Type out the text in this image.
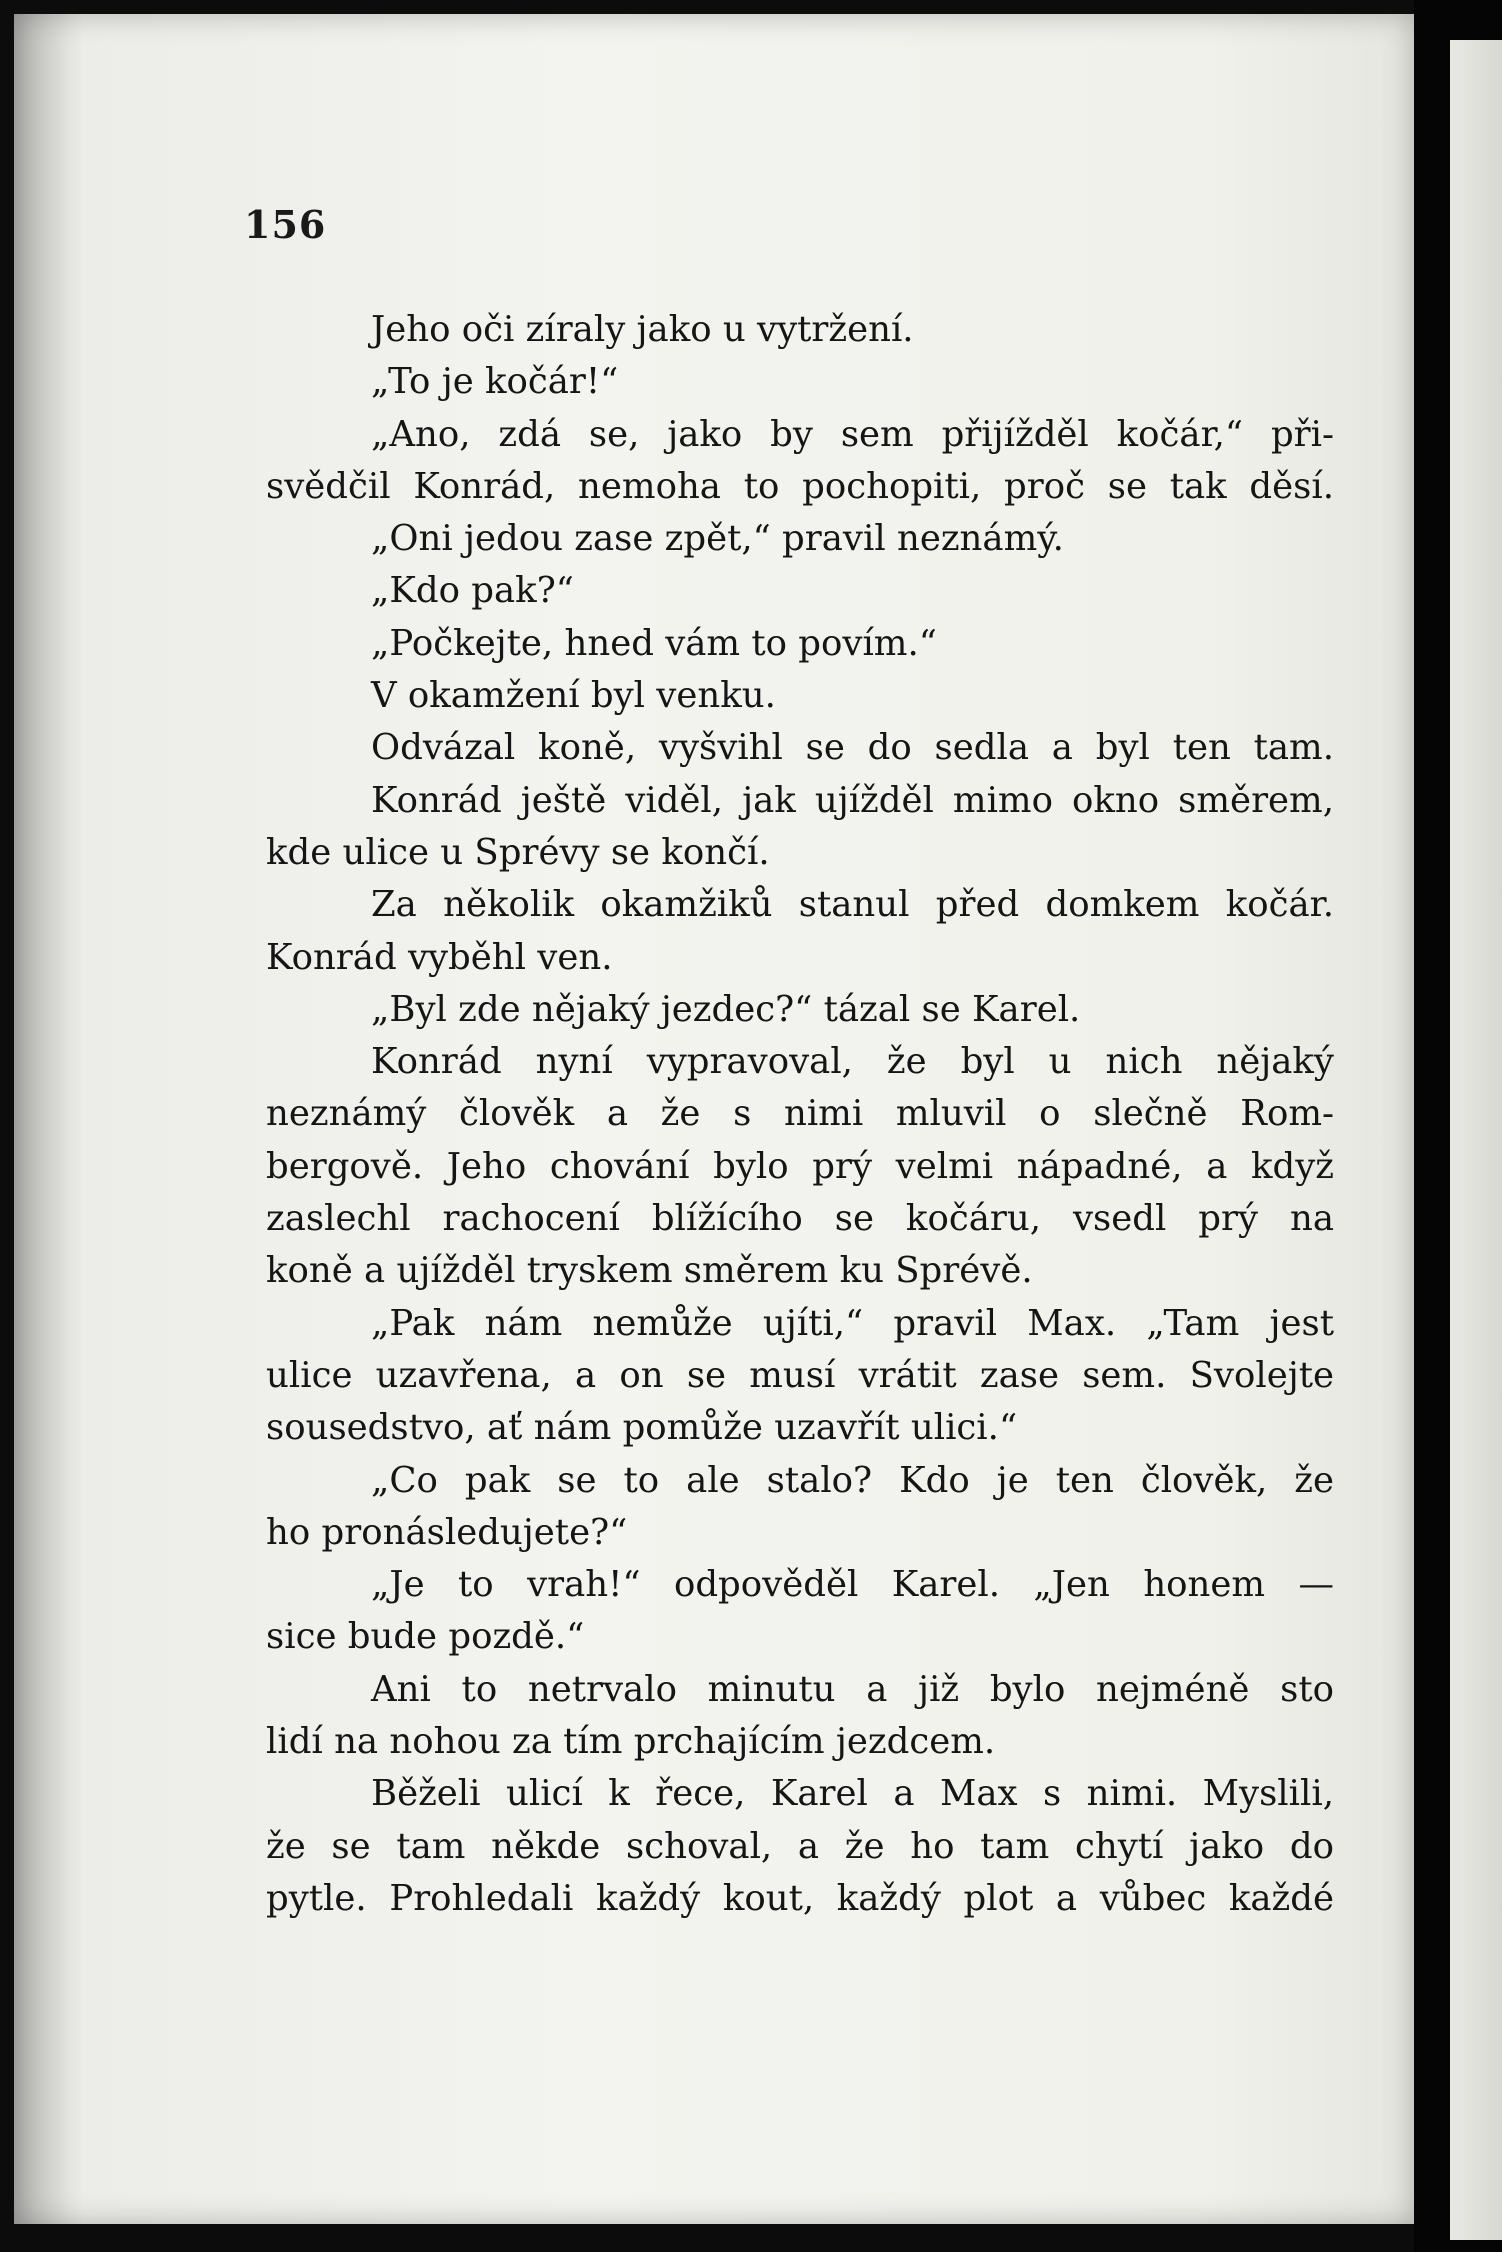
156
Jeho oči zíraly jako u vytržení.
„To je kočár!“
„Ano, zdá se, jako by sem přijížděl kočár,“ při-
svědčil Konrád, nemoha to pochopiti, proč se tak děsí.
„Oni jedou zase zpět,“ pravil neznámý.
„Kdo pak?“
„Počkejte, hned vám to povím.“
V okamžení byl venku.
Odvázal koně, vyšvihl se do sedla a byl ten tam.
Konrád ještě viděl, jak ujížděl mimo okno směrem,
kde ulice u Sprévy se končí.
Za několik okamžiků stanul před domkem kočár.
Konrád vyběhl ven.
„Byl zde nějaký jezdec?“ tázal se Karel.
Konrád nyní vypravoval, že byl u nich nějaký
neznámý člověk a že s nimi mluvil o slečně Rom-
bergově. Jeho chování bylo prý velmi nápadné, a když
zaslechl rachocení blížícího se kočáru, vsedl prý na
koně a ujížděl tryskem směrem ku Sprévě.
„Pak nám nemůže ujíti,“ pravil Max. „Tam jest
ulice uzavřena, a on se musí vrátit zase sem. Svolejte
sousedstvo, ať nám pomůže uzavřít ulici.“
„Co pak se to ale stalo? Kdo je ten člověk, že
ho pronásledujete?“
„Je to vrah!“ odpověděl Karel. „Jen honem —
sice bude pozdě.“
Ani to netrvalo minutu a již bylo nejméně sto
lidí na nohou za tím prchajícím jezdcem.
Běželi ulicí k řece, Karel a Max s nimi. Myslili,
že se tam někde schoval, a že ho tam chytí jako do
pytle. Prohledali každý kout, každý plot a vůbec každé
